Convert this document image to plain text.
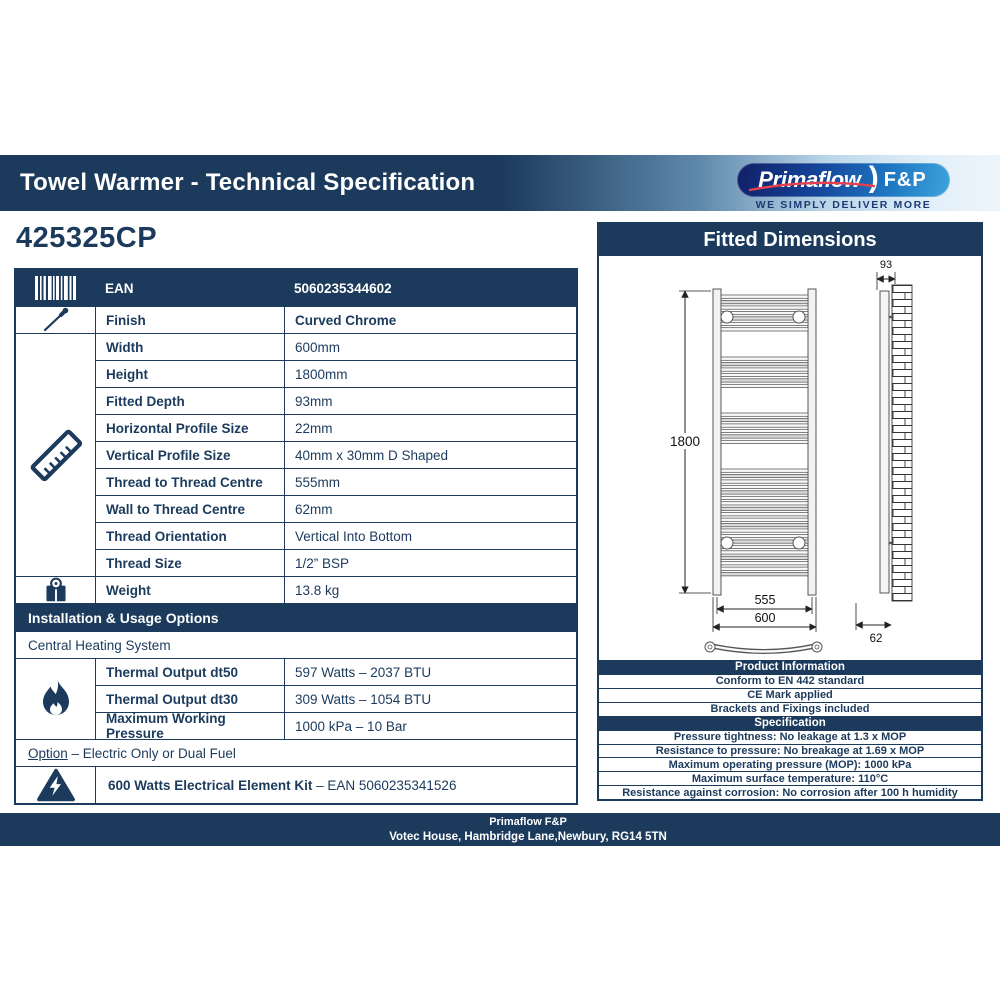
Towel Warmer - Technical Specification	Primaflow ) F&P
WE SIMPLY DELIVER MORE
425325CP
EAN	5060235344602
Finish	Curved Chrome
Width	600mm
Height	1800mm
Fitted Depth	93mm
Horizontal Profile Size	22mm
Vertical Profile Size	40mm x 30mm D Shaped
Thread to Thread Centre	555mm
Wall to Thread Centre	62mm
Thread Orientation	Vertical Into Bottom
Thread Size	1/2” BSP
Weight	13.8 kg
Installation & Usage Options
Central Heating System
Thermal Output dt50	597 Watts – 2037 BTU
Thermal Output dt30	309 Watts – 1054 BTU
Maximum Working Pressure	1000 kPa – 10 Bar
Option – Electric Only or Dual Fuel
600 Watts Electrical Element Kit – EAN 5060235341526
Fitted Dimensions
1800
555
600
93
62
Product Information
Conform to EN 442 standard
CE Mark applied
Brackets and Fixings included
Specification
Pressure tightness: No leakage at 1.3 x MOP
Resistance to pressure: No breakage at 1.69 x MOP
Maximum operating pressure (MOP): 1000 kPa
Maximum surface temperature: 110°C
Resistance against corrosion: No corrosion after 100 h humidity
Primaflow F&P
Votec House, Hambridge Lane,Newbury, RG14 5TN
